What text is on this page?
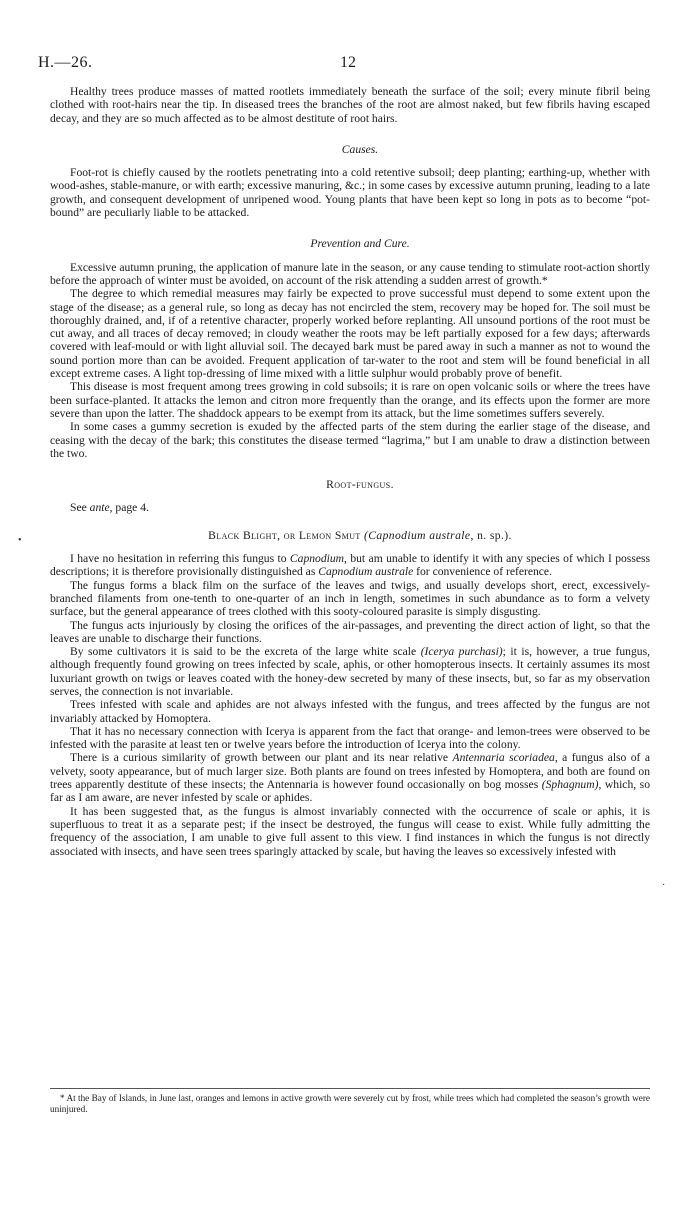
H.—26.	12

Healthy trees produce masses of matted rootlets immediately beneath the surface of the soil; every minute fibril being clothed with root-hairs near the tip. In diseased trees the branches of the root are almost naked, but few fibrils having escaped decay, and they are so much affected as to be almost destitute of root hairs.

Causes.

Foot-rot is chiefly caused by the rootlets penetrating into a cold retentive subsoil; deep planting; earthing-up, whether with wood-ashes, stable-manure, or with earth; excessive manuring, &c.; in some cases by excessive autumn pruning, leading to a late growth, and consequent development of unripened wood. Young plants that have been kept so long in pots as to become “pot-bound” are peculiarly liable to be attacked.

Prevention and Cure.

Excessive autumn pruning, the application of manure late in the season, or any cause tending to stimulate root-action shortly before the approach of winter must be avoided, on account of the risk attending a sudden arrest of growth.*

The degree to which remedial measures may fairly be expected to prove successful must depend to some extent upon the stage of the disease; as a general rule, so long as decay has not encircled the stem, recovery may be hoped for. The soil must be thoroughly drained, and, if of a retentive character, properly worked before replanting. All unsound portions of the root must be cut away, and all traces of decay removed; in cloudy weather the roots may be left partially exposed for a few days; afterwards covered with leaf-mould or with light alluvial soil. The decayed bark must be pared away in such a manner as not to wound the sound portion more than can be avoided. Frequent application of tar-water to the root and stem will be found beneficial in all except extreme cases. A light top-dressing of lime mixed with a little sulphur would probably prove of benefit.

This disease is most frequent among trees growing in cold subsoils; it is rare on open volcanic soils or where the trees have been surface-planted. It attacks the lemon and citron more frequently than the orange, and its effects upon the former are more severe than upon the latter. The shaddock appears to be exempt from its attack, but the lime sometimes suffers severely.

In some cases a gummy secretion is exuded by the affected parts of the stem during the earlier stage of the disease, and ceasing with the decay of the bark; this constitutes the disease termed “lagrima,” but I am unable to draw a distinction between the two.

Root-fungus.

See ante, page 4.

Black Blight, or Lemon Smut (Capnodium australe, n. sp.).

I have no hesitation in referring this fungus to Capnodium, but am unable to identify it with any species of which I possess descriptions; it is therefore provisionally distinguished as Capnodium australe for convenience of reference.

The fungus forms a black film on the surface of the leaves and twigs, and usually develops short, erect, excessively-branched filaments from one-tenth to one-quarter of an inch in length, sometimes in such abundance as to form a velvety surface, but the general appearance of trees clothed with this sooty-coloured parasite is simply disgusting.

The fungus acts injuriously by closing the orifices of the air-passages, and preventing the direct action of light, so that the leaves are unable to discharge their functions.

By some cultivators it is said to be the excreta of the large white scale (Icerya purchasi); it is, however, a true fungus, although frequently found growing on trees infected by scale, aphis, or other homopterous insects. It certainly assumes its most luxuriant growth on twigs or leaves coated with the honey-dew secreted by many of these insects, but, so far as my observation serves, the connection is not invariable.

Trees infested with scale and aphides are not always infested with the fungus, and trees affected by the fungus are not invariably attacked by Homoptera.

That it has no necessary connection with Icerya is apparent from the fact that orange- and lemon-trees were observed to be infested with the parasite at least ten or twelve years before the introduction of Icerya into the colony.

There is a curious similarity of growth between our plant and its near relative Antennaria scoriadea, a fungus also of a velvety, sooty appearance, but of much larger size. Both plants are found on trees infested by Homoptera, and both are found on trees apparently destitute of these insects; the Antennaria is however found occasionally on bog mosses (Sphagnum), which, so far as I am aware, are never infested by scale or aphides.

It has been suggested that, as the fungus is almost invariably connected with the occurrence of scale or aphis, it is superfluous to treat it as a separate pest; if the insect be destroyed, the fungus will cease to exist. While fully admitting the frequency of the association, I am unable to give full assent to this view. I find instances in which the fungus is not directly associated with insects, and have seen trees sparingly attacked by scale, but having the leaves so excessively infested with

* At the Bay of Islands, in June last, oranges and lemons in active growth were severely cut by frost, while trees which had completed the season’s growth were uninjured.

•
·
